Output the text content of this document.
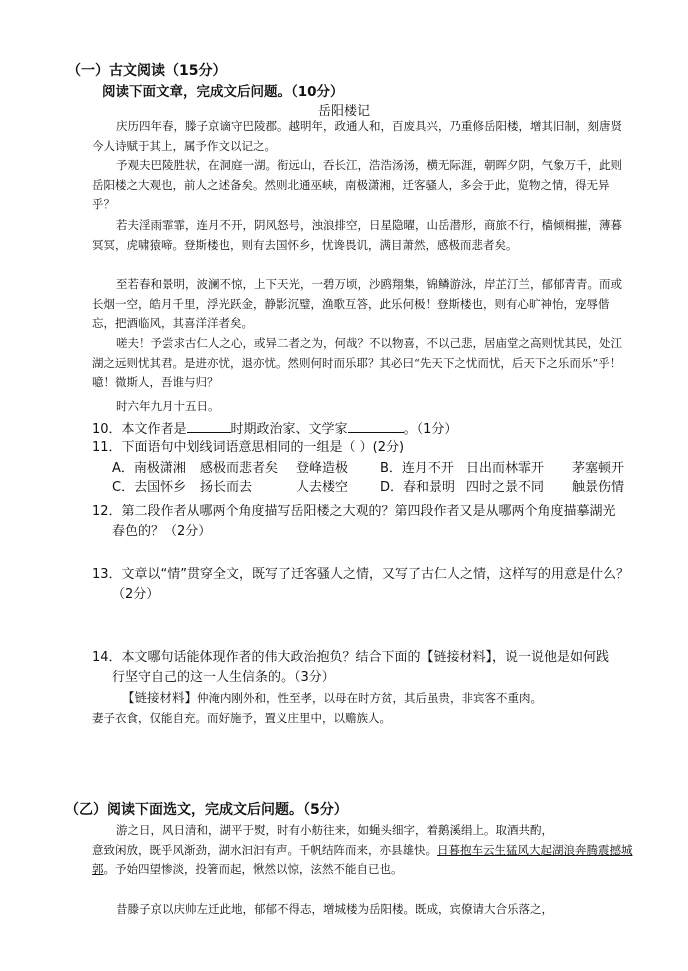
（一）古文阅读（15分）
阅读下面文章，完成文后问题。（10分）
岳阳楼记
庆历四年春，滕子京谪守巴陵郡。越明年，政通人和，百废具兴，乃重修岳阳楼，增其旧制，刻唐贤今人诗赋于其上，属予作文以记之。
予观夫巴陵胜状，在洞庭一湖。衔远山，吞长江，浩浩汤汤，横无际涯，朝晖夕阴，气象万千，此则岳阳楼之大观也，前人之述备矣。然则北通巫峡，南极潇湘，迁客骚人，多会于此，览物之情，得无异乎？
若夫淫雨霏霏，连月不开，阴风怒号，浊浪排空，日星隐曜，山岳潜形，商旅不行，樯倾楫摧，薄暮冥冥，虎啸猿啼。登斯楼也，则有去国怀乡，忧谗畏讥，满目萧然，感极而悲者矣。
至若春和景明，波澜不惊，上下天光，一碧万顷，沙鸥翔集，锦鳞游泳，岸芷汀兰，郁郁青青。而或长烟一空，皓月千里，浮光跃金，静影沉璧，渔歌互答，此乐何极！登斯楼也，则有心旷神怡，宠辱偕忘，把酒临风，其喜洋洋者矣。
嗟夫！予尝求古仁人之心，或异二者之为，何哉？不以物喜，不以己悲，居庙堂之高则忧其民，处江湖之远则忧其君。是进亦忧，退亦忧。然则何时而乐耶？其必曰“先天下之忧而忧，后天下之乐而乐”乎！噫！微斯人，吾谁与归？
时六年九月十五日。
10．本文作者是	时期政治家、文学家	。（1分）
11．下面语句中划线词语意思相同的一组是（ ）(2分)
A．南极潇湘	感极而悲者矣	登峰造极	B．连月不开 日出而林霏开	茅塞顿开
C．去国怀乡	扬长而去	人去楼空	D．春和景明 四时之景不同	触景伤情
12．第二段作者从哪两个角度描写岳阳楼之大观的？第四段作者又是从哪两个角度描摹湖光
春色的？（2分）
13．文章以“情”贯穿全文，既写了迁客骚人之情，又写了古仁人之情，这样写的用意是什么？
（2分）
14．本文哪句话能体现作者的伟大政治抱负？结合下面的【链接材料】，说一说他是如何践
行坚守自己的这一人生信条的。（3分）
【链接材料】仲淹内刚外和，性至孝，以母在时方贫，其后虽贵，非宾客不重肉。
妻子衣食，仅能自充。而好施予，置义庄里中，以赡族人。
（乙）阅读下面选文，完成文后问题。（5分）
游之日，风日清和，湖平于熨，时有小舫往来，如蝇头细字，着鹅溪绢上。取酒共酌，
意致闲放，既乎风渐劲，湖水汩汩有声。千帆结阵而来，亦县雄快。日暮抱车云生猛风大起湖浪奔腾震撼城郭。予始四望惨淡，投箸而起，愀然以惊，泫然不能自已也。
昔滕子京以庆帅左迁此地，郁郁不得志，增城楼为岳阳楼。既成，宾僚请大合乐落之，
